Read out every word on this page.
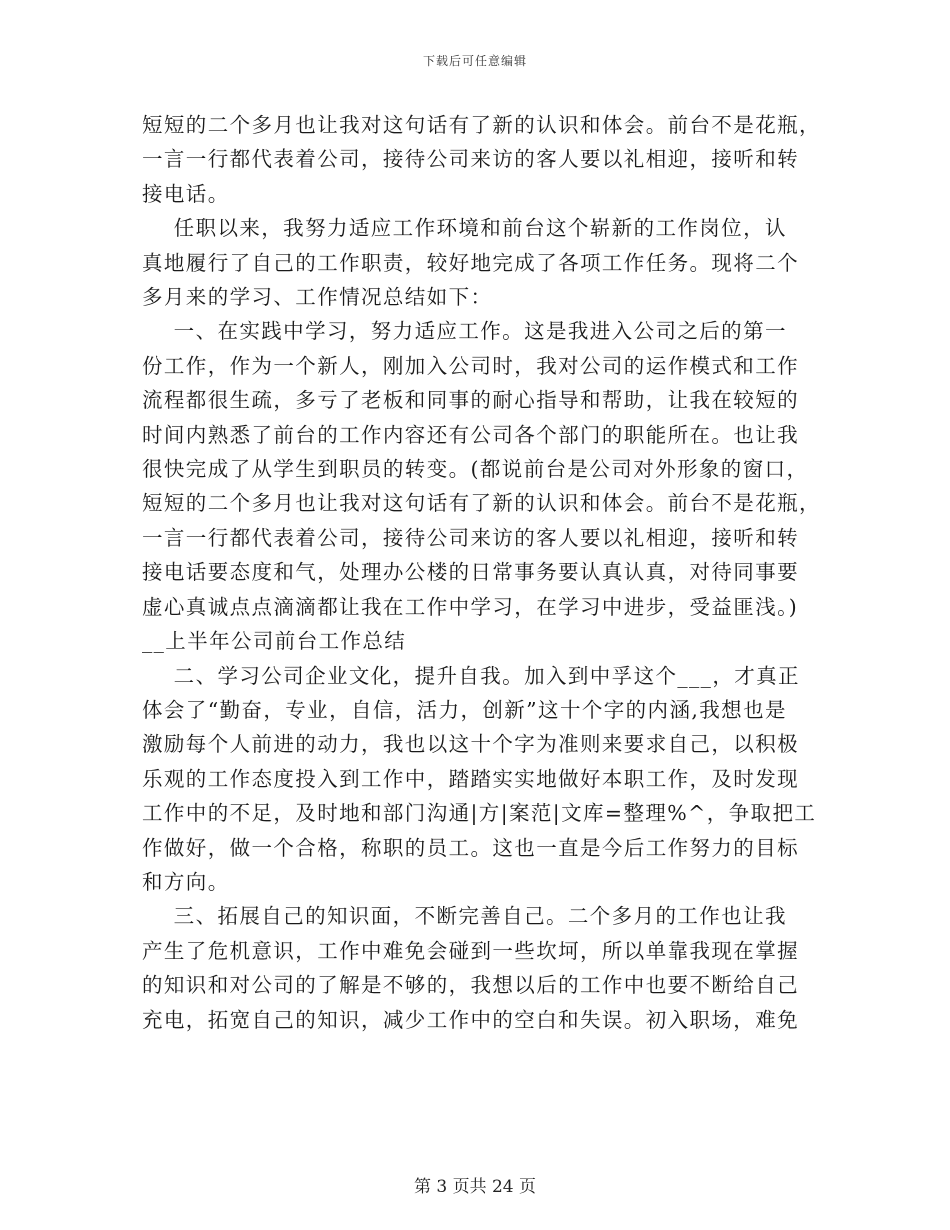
下载后可任意编辑

短短的二个多月也让我对这句话有了新的认识和体会。前台不是花瓶，

一言一行都代表着公司，接待公司来访的客人要以礼相迎，接听和转

接电话。

任职以来，我努力适应工作环境和前台这个崭新的工作岗位，认

真地履行了自己的工作职责，较好地完成了各项工作任务。现将二个

多月来的学习、工作情况总结如下：

一、在实践中学习，努力适应工作。这是我进入公司之后的第一

份工作，作为一个新人，刚加入公司时，我对公司的运作模式和工作

流程都很生疏，多亏了老板和同事的耐心指导和帮助，让我在较短的

时间内熟悉了前台的工作内容还有公司各个部门的职能所在。也让我

很快完成了从学生到职员的转变。(都说前台是公司对外形象的窗口，

短短的二个多月也让我对这句话有了新的认识和体会。前台不是花瓶，

一言一行都代表着公司，接待公司来访的客人要以礼相迎，接听和转

接电话要态度和气，处理办公楼的日常事务要认真认真，对待同事要

虚心真诚点点滴滴都让我在工作中学习，在学习中进步，受益匪浅。)

__上半年公司前台工作总结

二、学习公司企业文化，提升自我。加入到中孚这个___，才真正

体会了“勤奋，专业，自信，活力，创新”这十个字的内涵,我想也是

激励每个人前进的动力，我也以这十个字为准则来要求自己，以积极

乐观的工作态度投入到工作中，踏踏实实地做好本职工作，及时发现

工作中的不足，及时地和部门沟通|方|案范|文库=整理%^，争取把工

作做好，做一个合格，称职的员工。这也一直是今后工作努力的目标

和方向。

三、拓展自己的知识面，不断完善自己。二个多月的工作也让我

产生了危机意识，工作中难免会碰到一些坎坷，所以单靠我现在掌握

的知识和对公司的了解是不够的，我想以后的工作中也要不断给自己

充电，拓宽自己的知识，减少工作中的空白和失误。初入职场，难免

第 3 页共 24 页
